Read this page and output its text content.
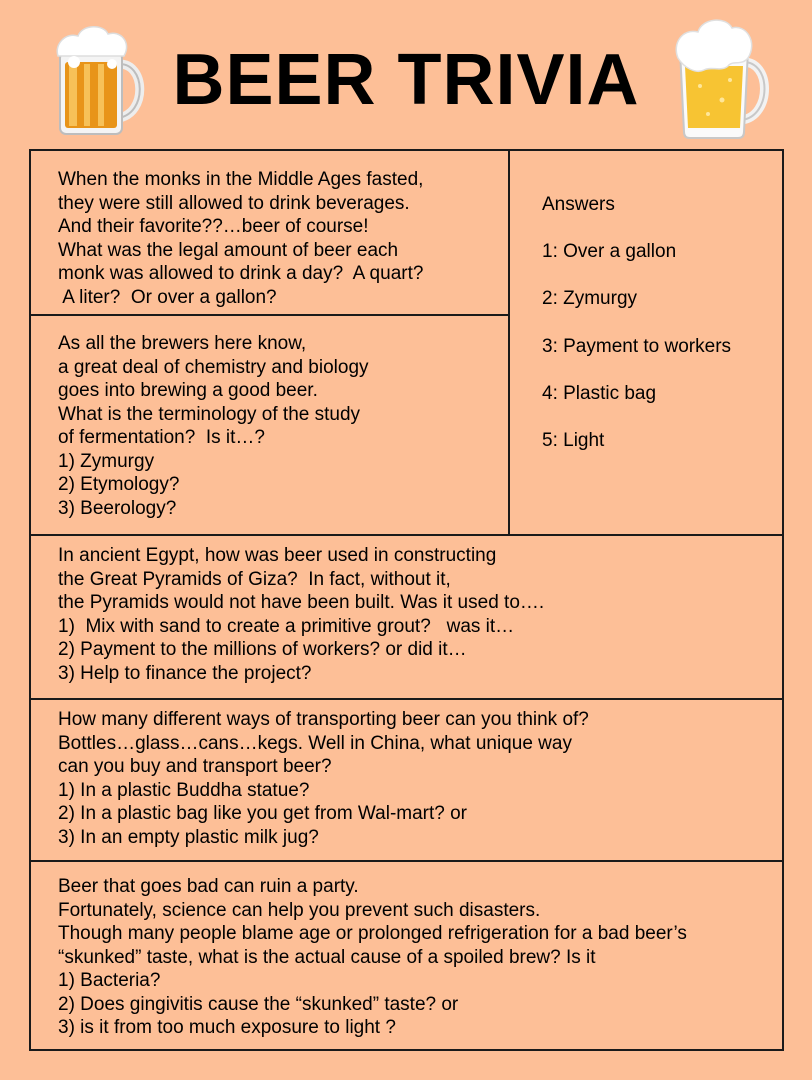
BEER TRIVIA
When the monks in the Middle Ages fasted,
they were still allowed to drink beverages.
And their favorite??…beer of course!
What was the legal amount of beer each
monk was allowed to drink a day?  A quart?
A liter?  Or over a gallon?
As all the brewers here know,
a great deal of chemistry and biology
goes into brewing a good beer.
What is the terminology of the study
of fermentation?  Is it…?
1) Zymurgy
2) Etymology?
3) Beerology?
Answers
1: Over a gallon
2: Zymurgy
3: Payment to workers
4: Plastic bag
5: Light
In ancient Egypt, how was beer used in constructing
the Great Pyramids of Giza?  In fact, without it,
the Pyramids would not have been built. Was it used to….
1)  Mix with sand to create a primitive grout?   was it…
2) Payment to the millions of workers? or did it…
3) Help to finance the project?
How many different ways of transporting beer can you think of?
Bottles…glass…cans…kegs. Well in China, what unique way
can you buy and transport beer?
1) In a plastic Buddha statue?
2) In a plastic bag like you get from Wal-mart? or
3) In an empty plastic milk jug?
Beer that goes bad can ruin a party.
Fortunately, science can help you prevent such disasters.
Though many people blame age or prolonged refrigeration for a bad beer’s
“skunked” taste, what is the actual cause of a spoiled brew? Is it
1) Bacteria?
2) Does gingivitis cause the “skunked” taste? or
3) is it from too much exposure to light ?
